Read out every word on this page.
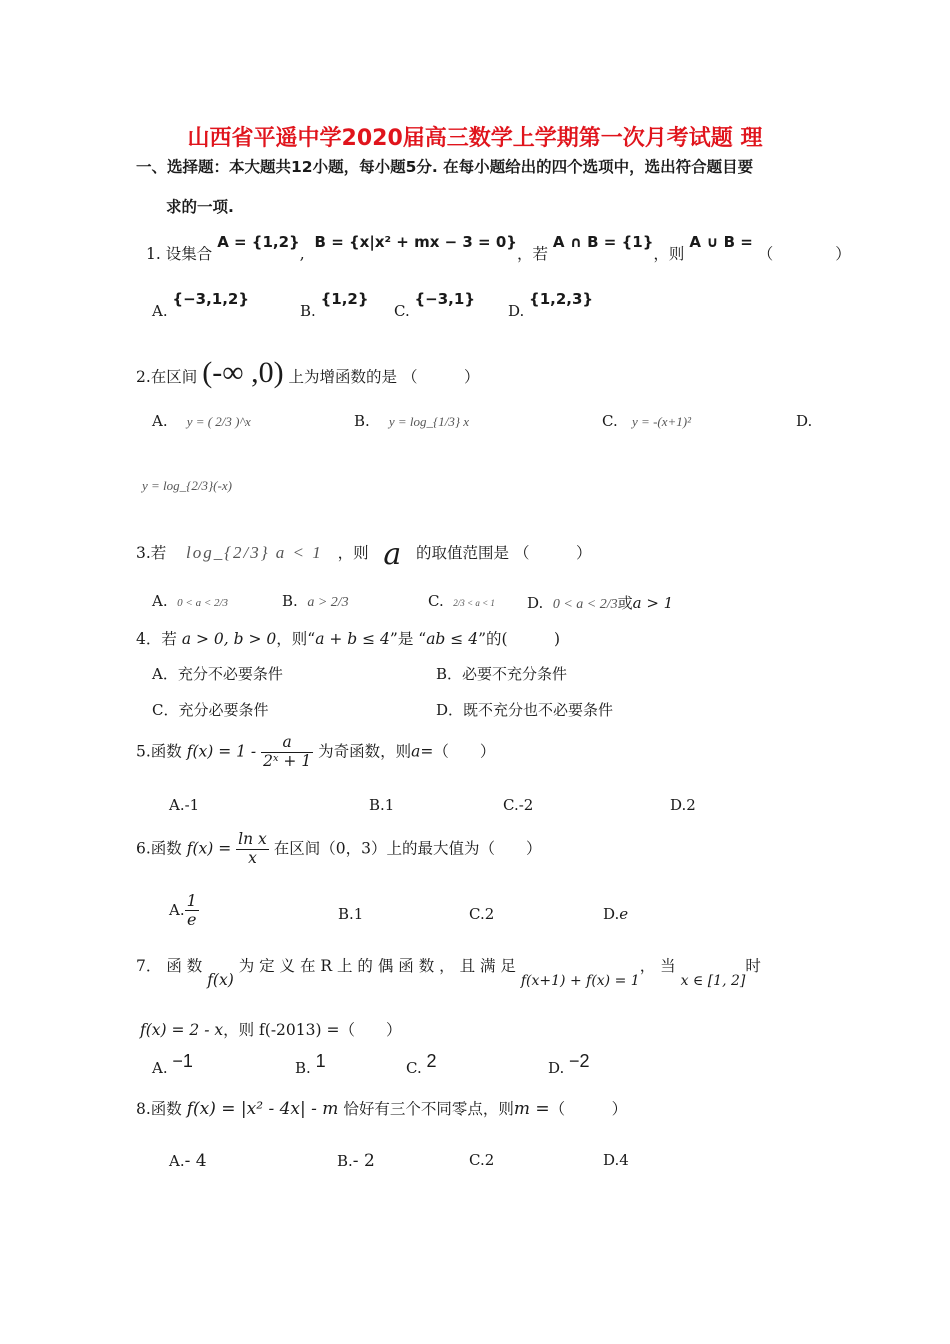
山西省平遥中学2020届高三数学上学期第一次月考试题 理
一、选择题：本大题共12小题，每小题5分. 在每小题给出的四个选项中，选出符合题目要
求的一项.
1. 设集合 A = {1,2},  B = {x|x² + mx − 3 = 0}，若 A ∩ B = {1}，则 A ∪ B = （　　　　）
A. {−3,1,2}
B. {1,2}
C. {−3,1}
D. {1,2,3}
2.在区间 (-∞ ,0) 上为增函数的是 （　　　）
A. y = ( 2/3 )^x	B. y = log_{1/3} x	C. y = -(x+1)²	D.
y = log_{2/3}(-x)
3.若 log_{2/3} a < 1 ，则 a 的取值范围是 （　　　）
A. 0 < a < 2/3	B. a > 2/3	C. 2/3 < a < 1 D. 0 < a < 2/3或a > 1
4．若 a > 0, b > 0，则“a + b ≤ 4”是 “ab ≤ 4”的(　　　)
A．充分不必要条件	B．必要不充分条件
C．充分必要条件	D．既不充分也不必要条件
5.函数 $f(x) = 1 - \frac{a}{\text{2ˣ + 1}}$ 为奇函数，则a=（　　）
A.-1	B.1	C.-2	D.2
6.函数 $f(x) = \frac{\text{ln x}}{x}$ 在区间（0，3）上的最大值为（　　）
A. $\frac{1}{e}$	B.1	C.2	D.e
7． 函 数 f(x) 为 定 义 在 R 上 的 偶 函 数 ， 且 满 足 f(x+1) + f(x) = 1， 当 x ∈ [1, 2]时
f(x) = 2 - x，则 f(-2013) =（　　）
A. −1	B. 1	C. 2	D. −2
8.函数 f(x) = |x² - 4x| - m 恰好有三个不同零点，则m =（　　　）
A.- 4	B.- 2	C.2	D.4
